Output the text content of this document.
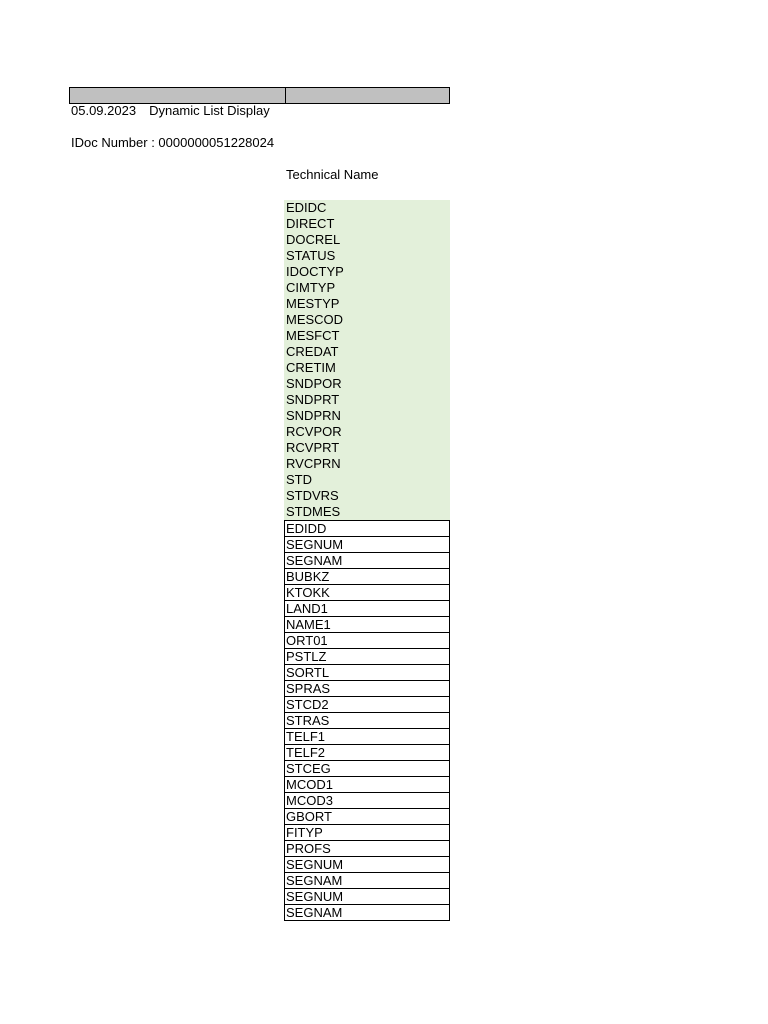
05.09.2023 Dynamic List Display
IDoc Number : 0000000051228024
Technical Name
EDIDC
DIRECT
DOCREL
STATUS
IDOCTYP
CIMTYP
MESTYP
MESCOD
MESFCT
CREDAT
CRETIM
SNDPOR
SNDPRT
SNDPRN
RCVPOR
RCVPRT
RVCPRN
STD
STDVRS
STDMES
EDIDD
SEGNUM
SEGNAM
BUBKZ
KTOKK
LAND1
NAME1
ORT01
PSTLZ
SORTL
SPRAS
STCD2
STRAS
TELF1
TELF2
STCEG
MCOD1
MCOD3
GBORT
FITYP
PROFS
SEGNUM
SEGNAM
SEGNUM
SEGNAM
